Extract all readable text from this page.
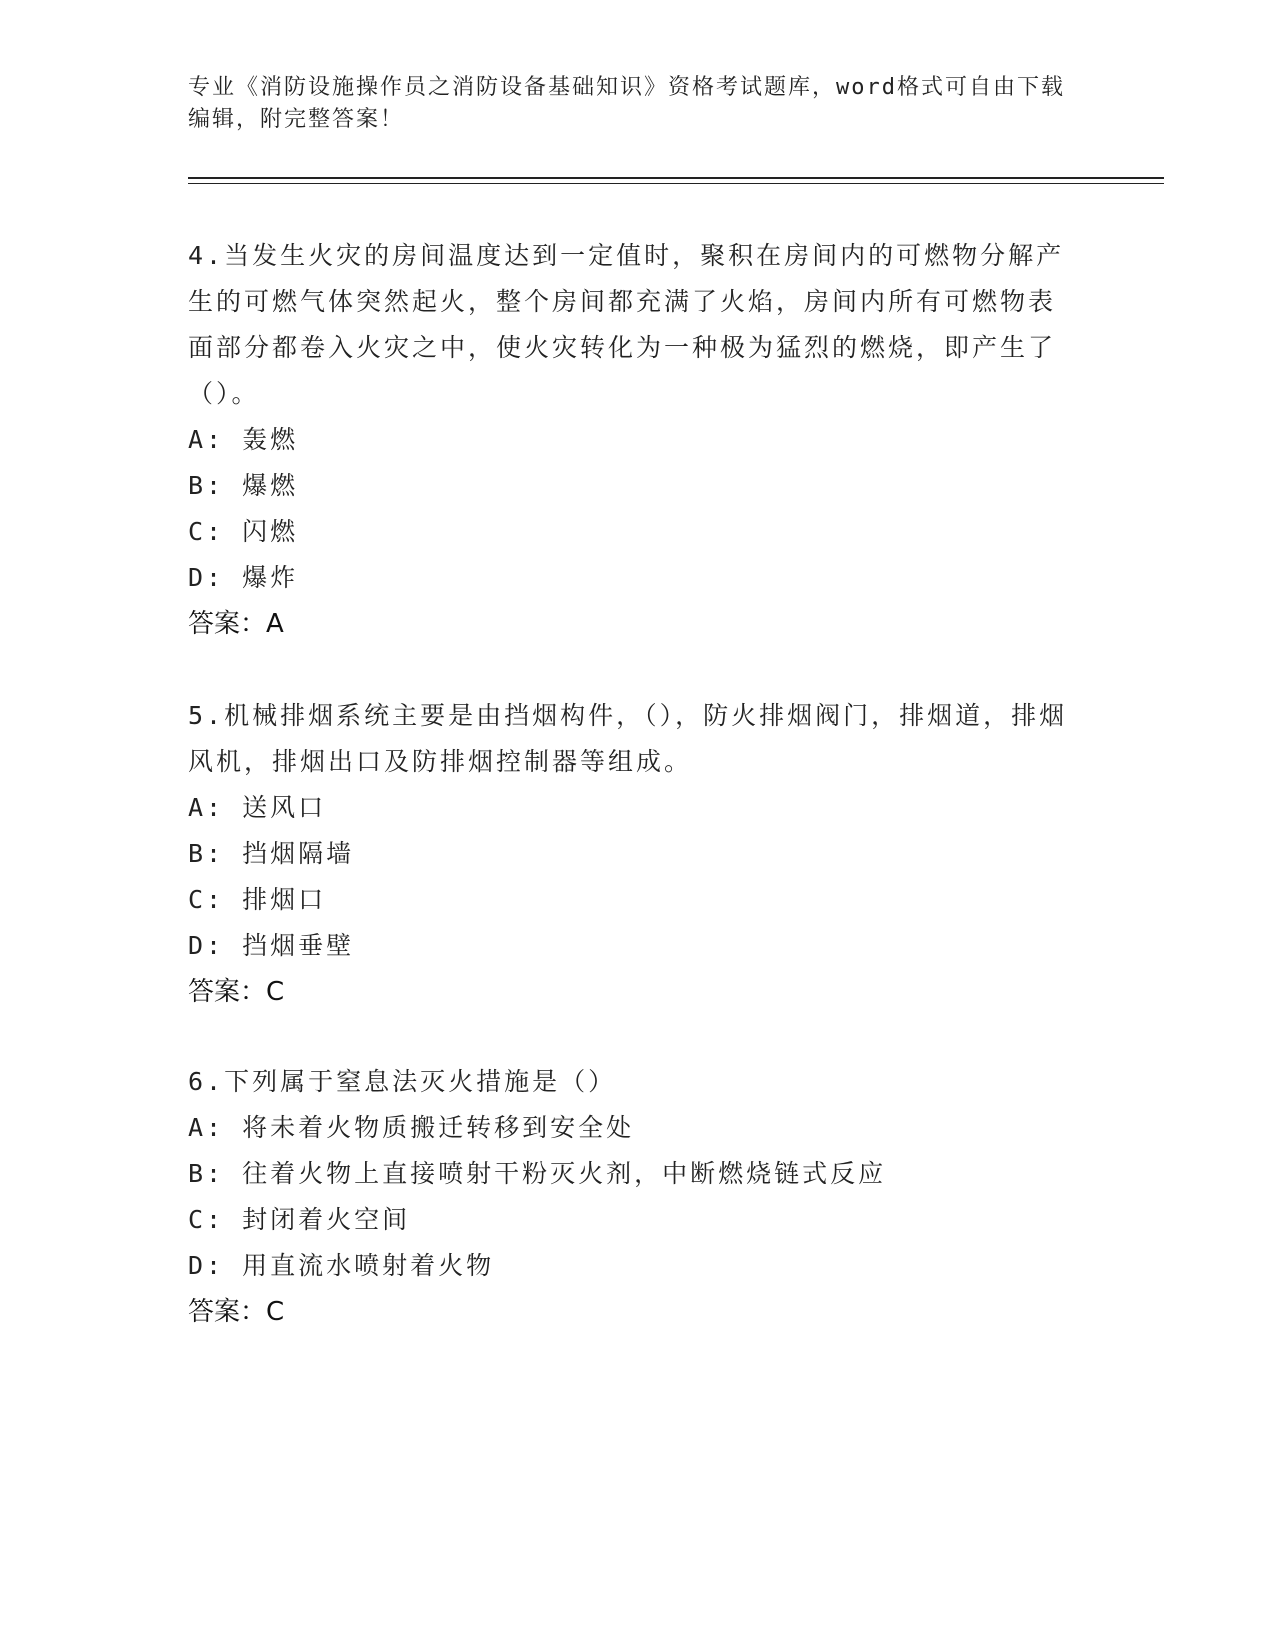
专业《消防设施操作员之消防设备基础知识》资格考试题库，word格式可自由下载编辑，附完整答案！

4.当发生火灾的房间温度达到一定值时，聚积在房间内的可燃物分解产生的可燃气体突然起火，整个房间都充满了火焰，房间内所有可燃物表面部分都卷入火灾之中，使火灾转化为一种极为猛烈的燃烧，即产生了（）。

A: 轰燃

B: 爆燃

C: 闪燃

D: 爆炸

答案：A

5.机械排烟系统主要是由挡烟构件，（），防火排烟阀门，排烟道，排烟风机，排烟出口及防排烟控制器等组成。

A: 送风口

B: 挡烟隔墙

C: 排烟口

D: 挡烟垂壁

答案：C

6.下列属于窒息法灭火措施是（）

A: 将未着火物质搬迁转移到安全处

B: 往着火物上直接喷射干粉灭火剂，中断燃烧链式反应

C: 封闭着火空间

D: 用直流水喷射着火物

答案：C
